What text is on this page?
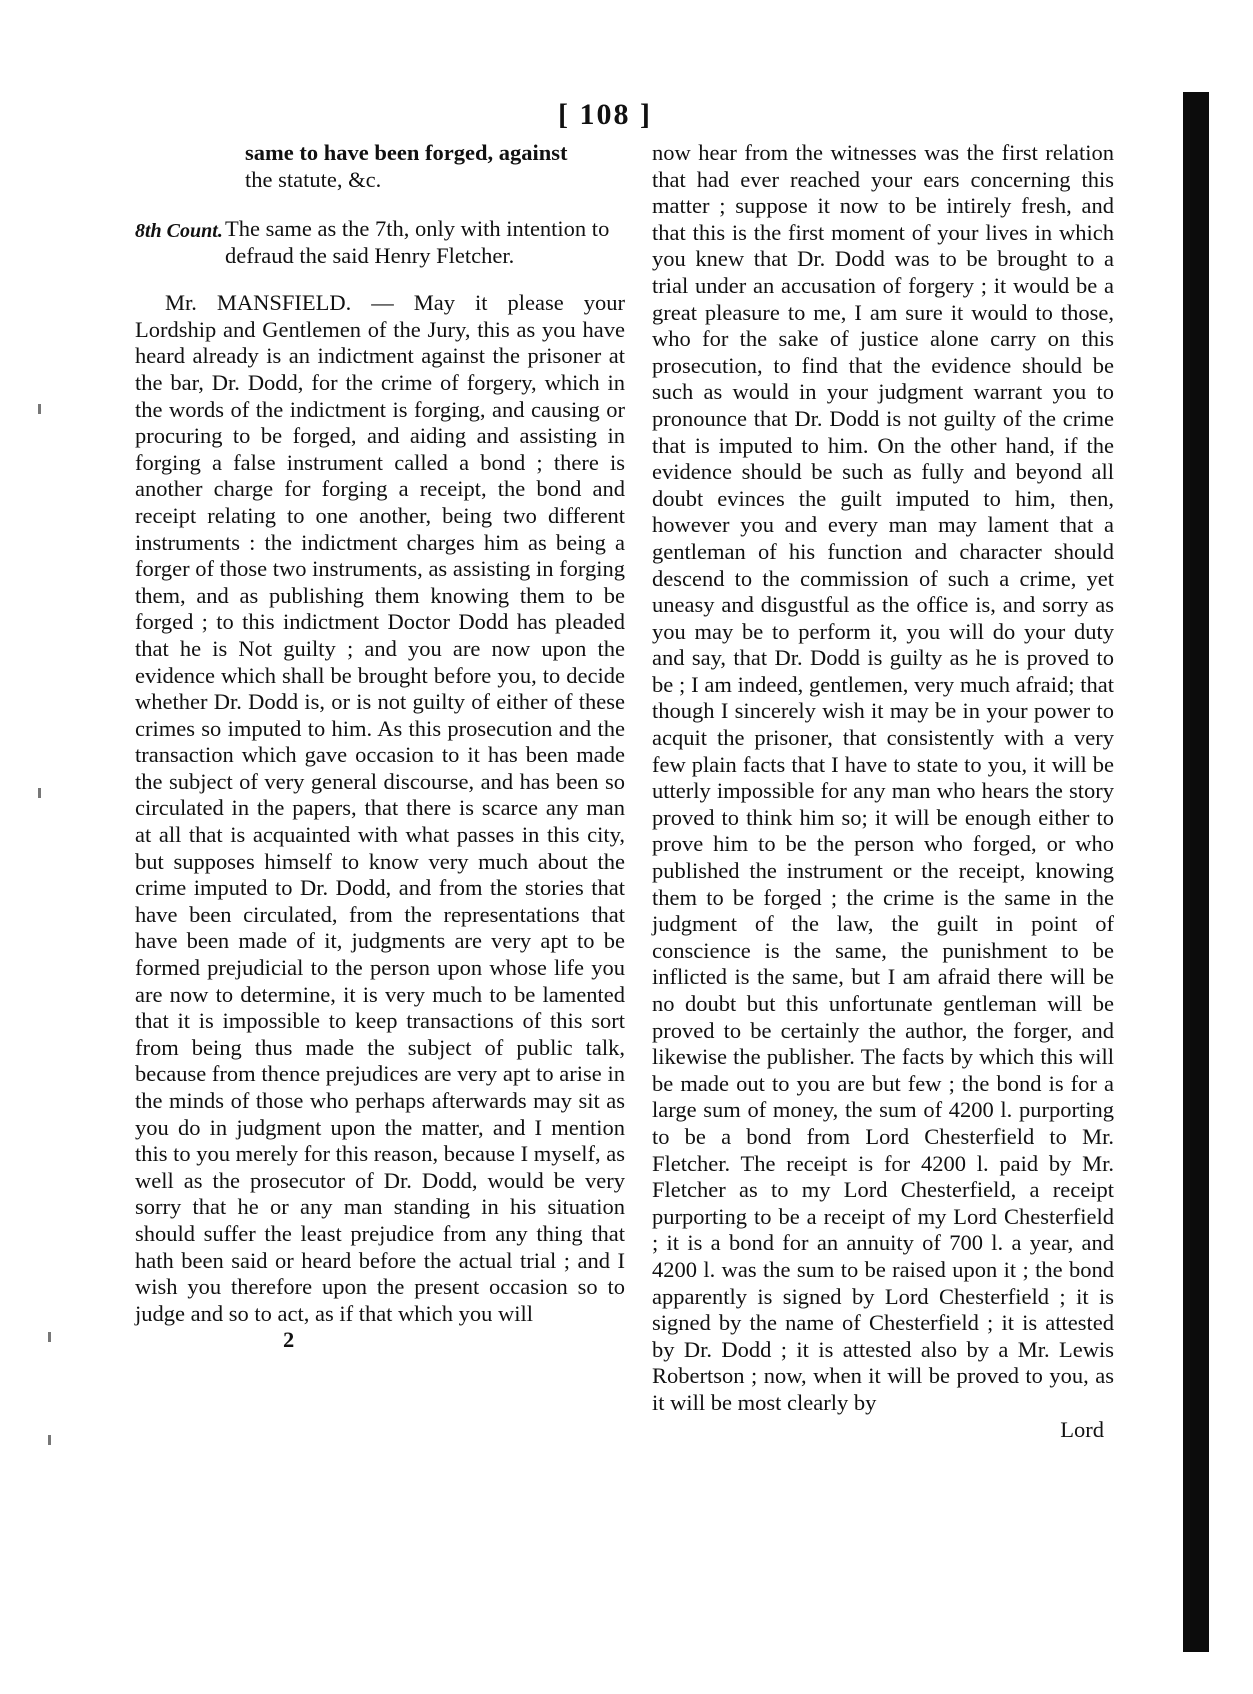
[ 108 ]

same to have been forged, against

the statute, &c.

8th Count. The same as the 7th, only with intention to defraud the said Henry Fletcher.

Mr. MANSFIELD. — May it please your Lordship and Gentlemen of the Jury, this as you have heard already is an indictment against the prisoner at the bar, Dr. Dodd, for the crime of forgery, which in the words of the indictment is forging, and causing or procuring to be forged, and aiding and assisting in forging a false instrument called a bond ; there is another charge for forging a receipt, the bond and receipt relating to one another, being two different instruments : the indictment charges him as being a forger of those two instruments, as assisting in forging them, and as publishing them knowing them to be forged ; to this indictment Doctor Dodd has pleaded that he is Not guilty ; and you are now upon the evidence which shall be brought before you, to decide whether Dr. Dodd is, or is not guilty of either of these crimes so imputed to him. As this prosecution and the transaction which gave occasion to it has been made the subject of very general discourse, and has been so circulated in the papers, that there is scarce any man at all that is acquainted with what passes in this city, but supposes himself to know very much about the crime imputed to Dr. Dodd, and from the stories that have been circulated, from the representations that have been made of it, judgments are very apt to be formed prejudicial to the person upon whose life you are now to determine, it is very much to be lamented that it is impossible to keep transactions of this sort from being thus made the subject of public talk, because from thence prejudices are very apt to arise in the minds of those who perhaps afterwards may sit as you do in judgment upon the matter, and I mention this to you merely for this reason, because I myself, as well as the prosecutor of Dr. Dodd, would be very sorry that he or any man standing in his situation should suffer the least prejudice from any thing that hath been said or heard before the actual trial ; and I wish you therefore upon the present occasion so to judge and so to act, as if that which you will

2

now hear from the witnesses was the first relation that had ever reached your ears concerning this matter ; suppose it now to be intirely fresh, and that this is the first moment of your lives in which you knew that Dr. Dodd was to be brought to a trial under an accusation of forgery ; it would be a great pleasure to me, I am sure it would to those, who for the sake of justice alone carry on this prosecution, to find that the evidence should be such as would in your judgment warrant you to pronounce that Dr. Dodd is not guilty of the crime that is imputed to him. On the other hand, if the evidence should be such as fully and beyond all doubt evinces the guilt imputed to him, then, however you and every man may lament that a gentleman of his function and character should descend to the commission of such a crime, yet uneasy and disgustful as the office is, and sorry as you may be to perform it, you will do your duty and say, that Dr. Dodd is guilty as he is proved to be ; I am indeed, gentlemen, very much afraid; that though I sincerely wish it may be in your power to acquit the prisoner, that consistently with a very few plain facts that I have to state to you, it will be utterly impossible for any man who hears the story proved to think him so; it will be enough either to prove him to be the person who forged, or who published the instrument or the receipt, knowing them to be forged ; the crime is the same in the judgment of the law, the guilt in point of conscience is the same, the punishment to be inflicted is the same, but I am afraid there will be no doubt but this unfortunate gentleman will be proved to be certainly the author, the forger, and likewise the publisher. The facts by which this will be made out to you are but few ; the bond is for a large sum of money, the sum of 4200 l. purporting to be a bond from Lord Chesterfield to Mr. Fletcher. The receipt is for 4200 l. paid by Mr. Fletcher as to my Lord Chesterfield, a receipt purporting to be a receipt of my Lord Chesterfield ; it is a bond for an annuity of 700 l. a year, and 4200 l. was the sum to be raised upon it ; the bond apparently is signed by Lord Chesterfield ; it is signed by the name of Chesterfield ; it is attested by Dr. Dodd ; it is attested also by a Mr. Lewis Robertson ; now, when it will be proved to you, as it will be most clearly by

Lord
